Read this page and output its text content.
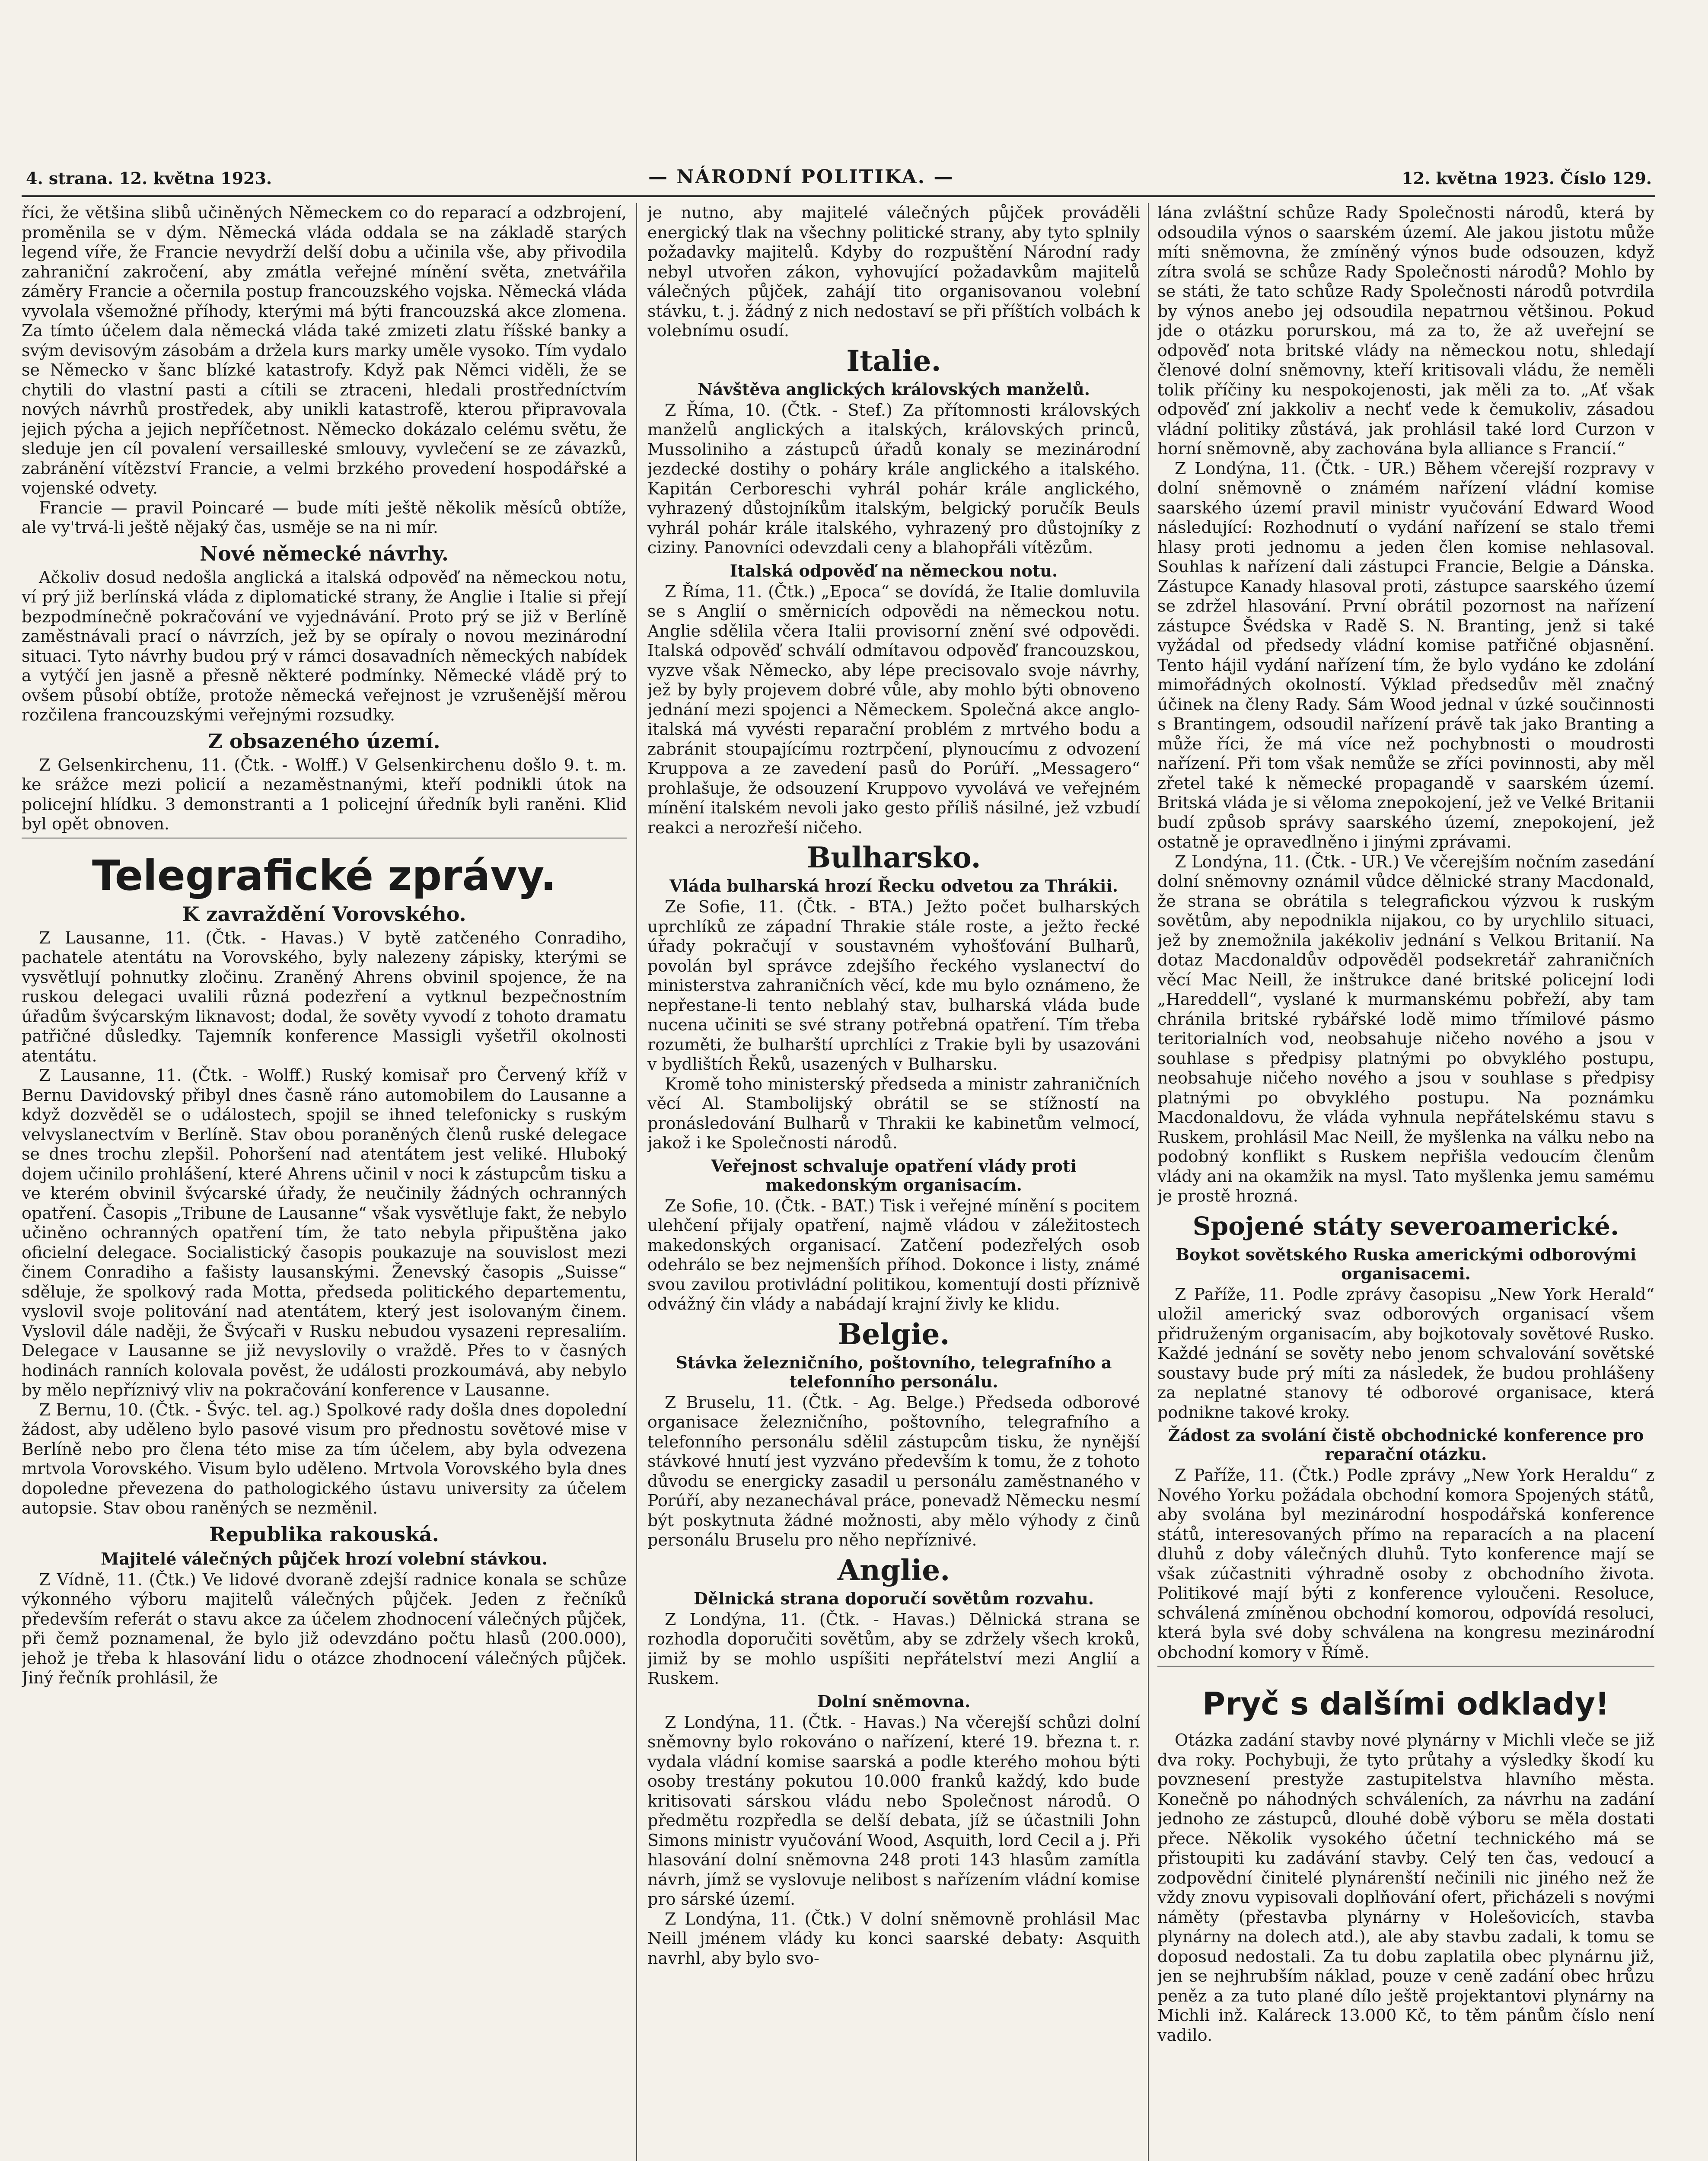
4. strana. 12. května 1923.	— NÁRODNÍ POLITIKA. —	12. května 1923. Číslo 129.

říci, že většina slibů učiněných Německem co do reparací a odzbrojení, proměnila se v dým. Německá vláda oddala se na základě starých legend víře, že Francie nevydrží delší dobu a učinila vše, aby přivodila zahraniční zakročení, aby zmátla veřejné mínění světa, znetvářila záměry Francie a očernila postup francouzského vojska. Německá vláda vyvolala všemožné příhody, kterými má býti francouzská akce zlomena. Za tímto účelem dala německá vláda také zmizeti zlatu říšské banky a svým devisovým zásobám a držela kurs marky uměle vysoko. Tím vydalo se Německo v šanc blízké katastrofy. Když pak Němci viděli, že se chytili do vlastní pasti a cítili se ztraceni, hledali prostředníctvím nových návrhů prostředek, aby unikli katastrofě, kterou připravovala jejich pýcha a jejich nepříčetnost. Německo dokázalo celému světu, že sleduje jen cíl povalení versailleské smlouvy, vyvlečení se ze závazků, zabránění vítězství Francie, a velmi brzkého provedení hospodářské a vojenské odvety.

Francie — pravil Poincaré — bude míti ještě několik měsíců obtíže, ale vy'trvá-li ještě nějaký čas, usměje se na ni mír.

Nové německé návrhy.

Ačkoliv dosud nedošla anglická a italská odpověď na německou notu, ví prý již berlínská vláda z diplomatické strany, že Anglie i Italie si přejí bezpodmínečně pokračování ve vyjednávání. Proto prý se již v Berlíně zaměstnávali prací o návrzích, jež by se opíraly o novou mezinárodní situaci. Tyto návrhy budou prý v rámci dosavadních německých nabídek a vytýčí jen jasně a přesně některé podmínky. Německé vládě prý to ovšem působí obtíže, protože německá veřejnost je vzrušenější měrou rozčilena francouzskými veřejnými rozsudky.

Z obsazeného území.

Z Gelsenkirchenu, 11. (Čtk. - Wolff.) V Gelsenkirchenu došlo 9. t. m. ke srážce mezi policií a nezaměstnanými, kteří podnikli útok na policejní hlídku. 3 demonstranti a 1 policejní úředník byli raněni. Klid byl opět obnoven.

Telegrafické zprávy.
K zavraždění Vorovského.

Z Lausanne, 11. (Čtk. - Havas.) V bytě zatčeného Conradiho, pachatele atentátu na Vorovského, byly nalezeny zápisky, kterými se vysvětlují pohnutky zločinu. Zraněný Ahrens obvinil spojence, že na ruskou delegaci uvalili různá podezření a vytknul bezpečnostním úřadům švýcarským liknavost; dodal, že sověty vyvodí z tohoto dramatu patřičné důsledky. Tajemník konference Massigli vyšetřil okolnosti atentátu.

Z Lausanne, 11. (Čtk. - Wolff.) Ruský komisař pro Červený kříž v Bernu Davidovský přibyl dnes časně ráno automobilem do Lausanne a když dozvěděl se o událostech, spojil se ihned telefonicky s ruským velvyslanectvím v Berlíně. Stav obou poraněných členů ruské delegace se dnes trochu zlepšil. Pohoršení nad atentátem jest veliké. Hluboký dojem učinilo prohlášení, které Ahrens učinil v noci k zástupcům tisku a ve kterém obvinil švýcarské úřady, že neučinily žádných ochranných opatření. Časopis „Tribune de Lausanne“ však vysvětluje fakt, že nebylo učiněno ochranných opatření tím, že tato nebyla připuštěna jako oficielní delegace. Socialistický časopis poukazuje na souvislost mezi činem Conradiho a fašisty lausanskými. Ženevský časopis „Suisse“ sděluje, že spolkový rada Motta, předseda politického departementu, vyslovil svoje politování nad atentátem, který jest isolovaným činem. Vyslovil dále naději, že Švýcaři v Rusku nebudou vysazeni represaliím. Delegace v Lausanne se již nevyslovily o vraždě. Přes to v časných hodinách ranních kolovala pověst, že události prozkoumává, aby nebylo by mělo nepříznivý vliv na pokračování konference v Lausanne.

Z Bernu, 10. (Čtk. - Švýc. tel. ag.) Spolkové rady došla dnes dopolední žádost, aby uděleno bylo pasové visum pro přednostu sovětové mise v Berlíně nebo pro člena této mise za tím účelem, aby byla odvezena mrtvola Vorovského. Visum bylo uděleno. Mrtvola Vorovského byla dnes dopoledne převezena do pathologického ústavu university za účelem autopsie. Stav obou raněných se nezměnil.

Republika rakouská.
Majitelé válečných půjček hrozí volební stávkou.

Z Vídně, 11. (Čtk.) Ve lidové dvoraně zdejší radnice konala se schůze výkonného výboru majitelů válečných půjček. Jeden z řečníků především referát o stavu akce za účelem zhodnocení válečných půjček, při čemž poznamenal, že bylo již odevzdáno počtu hlasů (200.000), jehož je třeba k hlasování lidu o otázce zhodnocení válečných půjček. Jiný řečník prohlásil, že

je nutno, aby majitelé válečných půjček prováděli energický tlak na všechny politické strany, aby tyto splnily požadavky majitelů. Kdyby do rozpuštění Národní rady nebyl utvořen zákon, vyhovující požadavkům majitelů válečných půjček, zahájí tito organisovanou volební stávku, t. j. žádný z nich nedostaví se při příštích volbách k volebnímu osudí.

Italie.
Návštěva anglických královských manželů.

Z Říma, 10. (Čtk. - Stef.) Za přítomnosti královských manželů anglických a italských, královských princů, Mussoliniho a zástupců úřadů konaly se mezinárodní jezdecké dostihy o poháry krále anglického a italského. Kapitán Cerboreschi vyhrál pohár krále anglického, vyhrazený důstojníkům italským, belgický poručík Beuls vyhrál pohár krále italského, vyhrazený pro důstojníky z ciziny. Panovníci odevzdali ceny a blahopřáli vítězům.

Italská odpověď na německou notu.

Z Říma, 11. (Čtk.) „Epoca“ se dovídá, že Italie domluvila se s Anglií o směrnicích odpovědi na německou notu. Anglie sdělila včera Italii provisorní znění své odpovědi. Italská odpověď schválí odmítavou odpověď francouzskou, vyzve však Německo, aby lépe precisovalo svoje návrhy, jež by byly projevem dobré vůle, aby mohlo býti obnoveno jednání mezi spojenci a Německem. Společná akce anglo-italská má vyvésti reparační problém z mrtvého bodu a zabránit stoupajícímu roztrpčení, plynoucímu z odvození Kruppova a ze zavedení pasů do Porúří. „Messagero“ prohlašuje, že odsouzení Kruppovo vyvolává ve veřejném mínění italském nevoli jako gesto příliš násilné, jež vzbudí reakci a nerozřeší ničeho.

Bulharsko.
Vláda bulharská hrozí Řecku odvetou za Thrákii.

Ze Sofie, 11. (Čtk. - BTA.) Ježto počet bulharských uprchlíků ze západní Thrakie stále roste, a ježto řecké úřady pokračují v soustavném vyhošťování Bulharů, povolán byl správce zdejšího řeckého vyslanectví do ministerstva zahraničních věcí, kde mu bylo oznámeno, že nepřestane-li tento neblahý stav, bulharská vláda bude nucena učiniti se své strany potřebná opatření. Tím třeba rozuměti, že bulharští uprchlíci z Trakie byli by usazováni v bydlištích Řeků, usazených v Bulharsku.

Kromě toho ministerský předseda a ministr zahraničních věcí Al. Stambolijský obrátil se se stížností na pronásledování Bulharů v Thrakii ke kabinetům velmocí, jakož i ke Společnosti národů.

Veřejnost schvaluje opatření vlády proti makedonským organisacím.

Ze Sofie, 10. (Čtk. - BAT.) Tisk i veřejné mínění s pocitem ulehčení přijaly opatření, najmě vládou v záležitostech makedonských organisací. Zatčení podezřelých osob odehrálo se bez nejmenších příhod. Dokonce i listy, známé svou zavilou protivládní politikou, komentují dosti příznivě odvážný čin vlády a nabádají krajní živly ke klidu.

Belgie.
Stávka železničního, poštovního, telegrafního a telefonního personálu.

Z Bruselu, 11. (Čtk. - Ag. Belge.) Předseda odborové organisace železničního, poštovního, telegrafního a telefonního personálu sdělil zástupcům tisku, že nynější stávkové hnutí jest vyzváno především k tomu, že z tohoto důvodu se energicky zasadil u personálu zaměstnaného v Porúří, aby nezanechával práce, ponevadž Německu nesmí být poskytnuta žádné možnosti, aby mělo výhody z činů personálu Bruselu pro něho nepříznivé.

Anglie.
Dělnická strana doporučí sovětům rozvahu.

Z Londýna, 11. (Čtk. - Havas.) Dělnická strana se rozhodla doporučiti sovětům, aby se zdržely všech kroků, jimiž by se mohlo uspíšiti nepřátelství mezi Anglií a Ruskem.

Dolní sněmovna.

Z Londýna, 11. (Čtk. - Havas.) Na včerejší schůzi dolní sněmovny bylo rokováno o nařízení, které 19. března t. r. vydala vládní komise saarská a podle kterého mohou býti osoby trestány pokutou 10.000 franků každý, kdo bude kritisovati sárskou vládu nebo Společnost národů. O předmětu rozpředla se delší debata, jíž se účastnili John Simons ministr vyučování Wood, Asquith, lord Cecil a j. Při hlasování dolní sněmovna 248 proti 143 hlasům zamítla návrh, jímž se vyslovuje nelibost s nařízením vládní komise pro sárské území.

Z Londýna, 11. (Čtk.) V dolní sněmovně prohlásil Mac Neill jménem vlády ku konci saarské debaty: Asquith navrhl, aby bylo svo-

lána zvláštní schůze Rady Společnosti národů, která by odsoudila výnos o saarském území. Ale jakou jistotu může míti sněmovna, že zmíněný výnos bude odsouzen, když zítra svolá se schůze Rady Společnosti národů? Mohlo by se státi, že tato schůze Rady Společnosti národů potvrdila by výnos anebo jej odsoudila nepatrnou většinou. Pokud jde o otázku porurskou, má za to, že až uveřejní se odpověď nota britské vlády na německou notu, shledají členové dolní sněmovny, kteří kritisovali vládu, že neměli tolik příčiny ku nespokojenosti, jak měli za to. „Ať však odpověď zní jakkoliv a nechť vede k čemukoliv, zásadou vládní politiky zůstává, jak prohlásil také lord Curzon v horní sněmovně, aby zachována byla alliance s Francií.“

Z Londýna, 11. (Čtk. - UR.) Během včerejší rozpravy v dolní sněmovně o známém nařízení vládní komise saarského území pravil ministr vyučování Edward Wood následující: Rozhodnutí o vydání nařízení se stalo třemi hlasy proti jednomu a jeden člen komise nehlasoval. Souhlas k nařízení dali zástupci Francie, Belgie a Dánska. Zástupce Kanady hlasoval proti, zástupce saarského území se zdržel hlasování. První obrátil pozornost na nařízení zástupce Švédska v Radě S. N. Branting, jenž si také vyžádal od předsedy vládní komise patřičné objasnění. Tento hájil vydání nařízení tím, že bylo vydáno ke zdolání mimořádných okolností. Výklad předsedův měl značný účinek na členy Rady. Sám Wood jednal v úzké součinnosti s Brantingem, odsoudil nařízení právě tak jako Branting a může říci, že má více než pochybnosti o moudrosti nařízení. Při tom však nemůže se zříci povinnosti, aby měl zřetel také k německé propagandě v saarském území. Britská vláda je si věloma znepokojení, jež ve Velké Britanii budí způsob správy saarského území, znepokojení, jež ostatně je opravedlněno i jinými zprávami.

Z Londýna, 11. (Čtk. - UR.) Ve včerejším nočním zasedání dolní sněmovny oznámil vůdce dělnické strany Macdonald, že strana se obrátila s telegrafickou výzvou k ruským sovětům, aby nepodnikla nijakou, co by urychlilo situaci, jež by znemožnila jakékoliv jednání s Velkou Britanií. Na dotaz Macdonaldův odpověděl podsekretář zahraničních věcí Mac Neill, že inštrukce dané britské policejní lodi „Hareddell“, vyslané k murmanskému pobřeží, aby tam chránila britské rybářské lodě mimo třímilové pásmo teritorialních vod, neobsahuje ničeho nového a jsou v souhlase s předpisy platnými po obvyklého postupu, neobsahuje ničeho nového a jsou v souhlase s předpisy platnými po obvyklého postupu. Na poznámku Macdonaldovu, že vláda vyhnula nepřátelskému stavu s Ruskem, prohlásil Mac Neill, že myšlenka na válku nebo na podobný konflikt s Ruskem nepřišla vedoucím členům vlády ani na okamžik na mysl. Tato myšlenka jemu samému je prostě hrozná.

Spojené státy severoamerické.
Boykot sovětského Ruska americkými odborovými organisacemi.

Z Paříže, 11. Podle zprávy časopisu „New York Herald“ uložil americký svaz odborových organisací všem přidruženým organisacím, aby bojkotovaly sovětové Rusko. Každé jednání se sověty nebo jenom schvalování sovětské soustavy bude prý míti za následek, že budou prohlášeny za neplatné stanovy té odborové organisace, která podnikne takové kroky.

Žádost za svolání čistě obchodnické konference pro reparační otázku.

Z Paříže, 11. (Čtk.) Podle zprávy „New York Heraldu“ z Nového Yorku požádala obchodní komora Spojených států, aby svolána byl mezinárodní hospodářská konference států, interesovaných přímo na reparacích a na placení dluhů z doby válečných dluhů. Tyto konference mají se však zúčastniti výhradně osoby z obchodního života. Politikové mají býti z konference vyloučeni. Resoluce, schválená zmíněnou obchodní komorou, odpovídá resoluci, která byla své doby schválena na kongresu mezinárodní obchodní komory v Římě.

Pryč s dalšími odklady!

Otázka zadání stavby nové plynárny v Michli vleče se již dva roky. Pochybuji, že tyto průtahy a výsledky škodí ku povznesení prestyže zastupitelstva hlavního města. Konečně po náhodných schváleních, za návrhu na zadání jednoho ze zástupců, dlouhé době výboru se měla dostati přece. Několik vysokého účetní technického má se přistoupiti ku zadávání stavby. Celý ten čas, vedoucí a zodpovědní činitelé plynárenští nečinili nic jiného než že vždy znovu vypisovali doplňování ofert, přicházeli s novými náměty (přestavba plynárny v Holešovicích, stavba plynárny na dolech atd.), ale aby stavbu zadali, k tomu se doposud nedostali. Za tu dobu zaplatila obec plynárnu již, jen se nejhrubším náklad, pouze v ceně zadání obec hrůzu peněz a za tuto plané dílo ještě projektantovi plynárny na Michli inž. Kaláreck 13.000 Kč, to těm pánům číslo není vadilo.
